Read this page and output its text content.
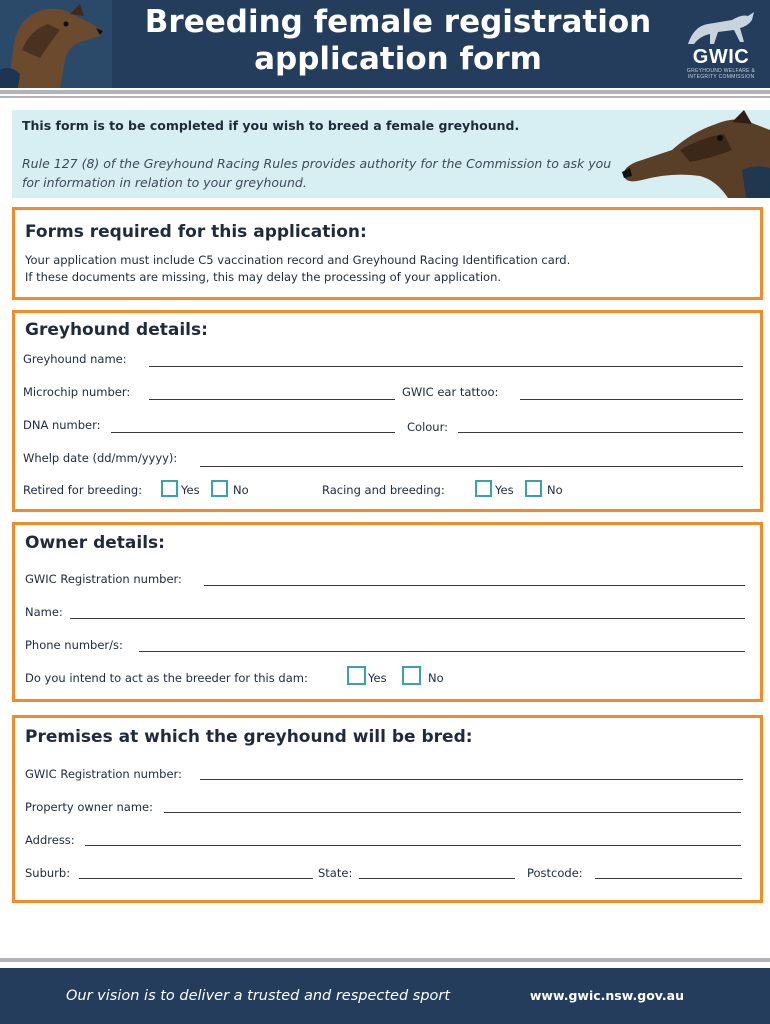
Breeding female registration
application form	GWIC
GREYHOUND WELFARE &
INTEGRITY COMMISSION
This form is to be completed if you wish to breed a female greyhound.
Rule 127 (8) of the Greyhound Racing Rules provides authority for the Commission to ask you for information in relation to your greyhound.
Forms required for this application:
Your application must include C5 vaccination record and Greyhound Racing Identification card.
If these documents are missing, this may delay the processing of your application.
Greyhound details:
Greyhound name:
Microchip number:	GWIC ear tattoo:
DNA number:	Colour:
Whelp date (dd/mm/yyyy):
Retired for breeding:	Yes	No	Racing and breeding:	Yes	No
Owner details:
GWIC Registration number:
Name:
Phone number/s:
Do you intend to act as the breeder for this dam:	Yes	No
Premises at which the greyhound will be bred:
GWIC Registration number:
Property owner name:
Address:
Suburb:	State:	Postcode:
Our vision is to deliver a trusted and respected sport	www.gwic.nsw.gov.au
